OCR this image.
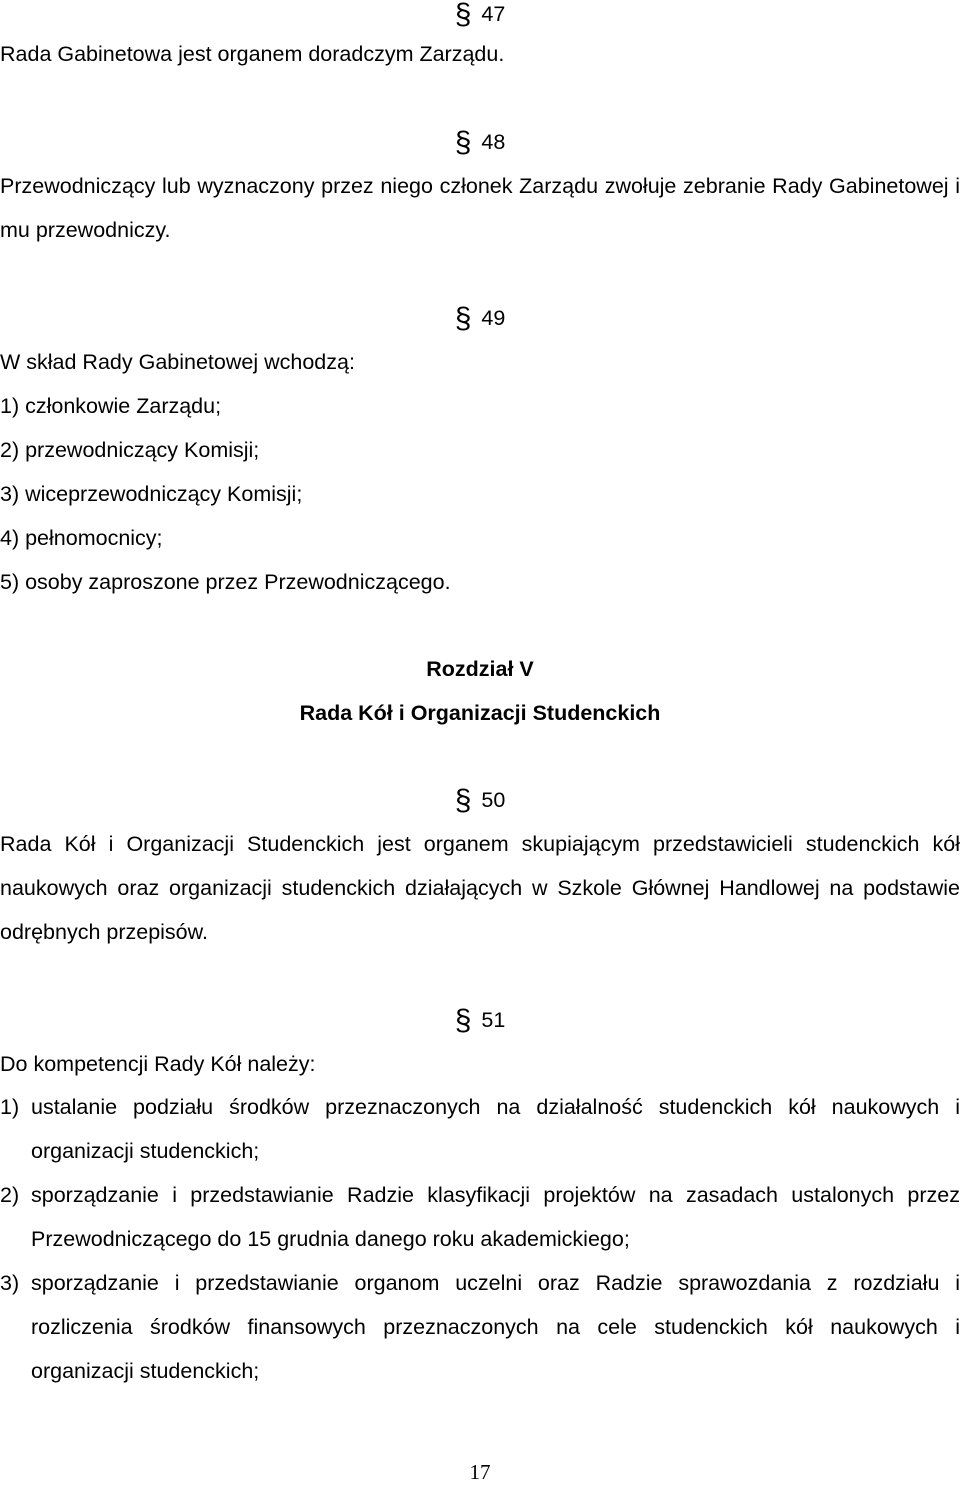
§ 47
Rada Gabinetowa jest organem doradczym Zarządu.
§ 48
Przewodniczący lub wyznaczony przez niego członek Zarządu zwołuje zebranie Rady Gabinetowej i mu przewodniczy.
§ 49
W skład Rady Gabinetowej wchodzą:
1) członkowie Zarządu;
2) przewodniczący Komisji;
3) wiceprzewodniczący Komisji;
4) pełnomocnicy;
5) osoby zaproszone przez Przewodniczącego.
Rozdział V
Rada Kół i Organizacji Studenckich
§ 50
Rada Kół i Organizacji Studenckich jest organem skupiającym przedstawicieli studenckich kół naukowych oraz organizacji studenckich działających w Szkole Głównej Handlowej na podstawie odrębnych przepisów.
§ 51
Do kompetencji Rady Kół należy:
1) ustalanie podziału środków przeznaczonych na działalność studenckich kół naukowych i organizacji studenckich;
2) sporządzanie i przedstawianie Radzie klasyfikacji projektów na zasadach ustalonych przez Przewodniczącego do 15 grudnia danego roku akademickiego;
3) sporządzanie i przedstawianie organom uczelni oraz Radzie sprawozdania z rozdziału i rozliczenia środków finansowych przeznaczonych na cele studenckich kół naukowych i organizacji studenckich;
17
